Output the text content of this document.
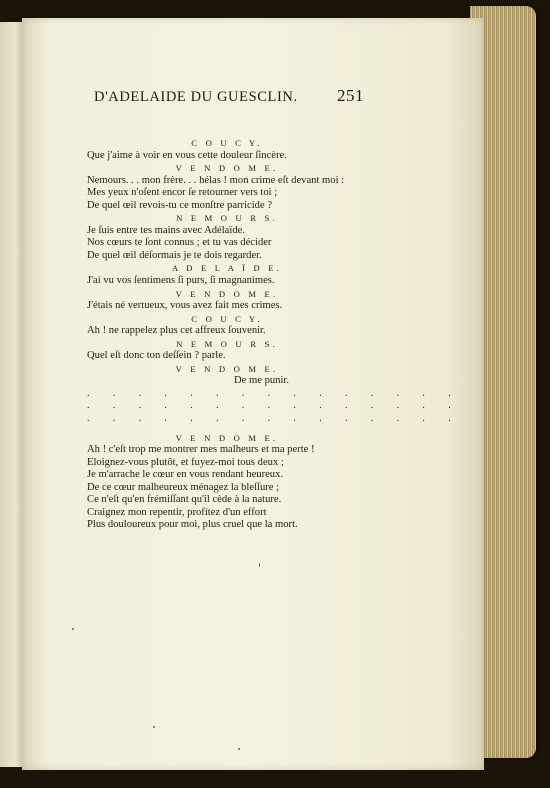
D'ADELAIDE DU GUESCLIN. 251
C O U C Y.
Que j'aime à voir en vous cette douleur ſincère.
V E N D O M E.
Nemours. . . mon frère. . . hélas ! mon crime eſt devant moi :
Mes yeux n'oſent encor ſe retourner vers toi ;
De quel œil revois-tu ce monſtre parricide ?
N E M O U R S.
Je ſuis entre tes mains avec Adélaïde.
Nos cœurs te ſont connus ; et tu vas décider
De quel œil déſormais je te dois regarder.
A D E L A Ï D E.
J'ai vu vos ſentimens ſi purs, ſi magnanimes.
V E N D O M E.
J'étais né vertueux, vous avez fait mes crimes.
C O U C Y.
Ah ! ne rappelez plus cet affreux ſouvenir.
N E M O U R S.
Quel eſt donc ton deſſein ? parle.
V E N D O M E.
De me punir.
. . . . . . . . . . . . . . .
. . . . . . . . . . . . . . .
. . . . . . . . . . . . . . .
V E N D O M E.
Ah ! c'eſt trop me montrer mes malheurs et ma perte !
Eloignez-vous plutôt, et fuyez-moi tous deux ;
Je m'arrache le cœur en vous rendant heureux.
De ce cœur malheureux ménagez la bleſſure ;
Ce n'eſt qu'en frémiſſant qu'il cède à la nature.
Craignez mon repentir, profitez d'un effort
Plus douloureux pour moi, plus cruel que la mort.
